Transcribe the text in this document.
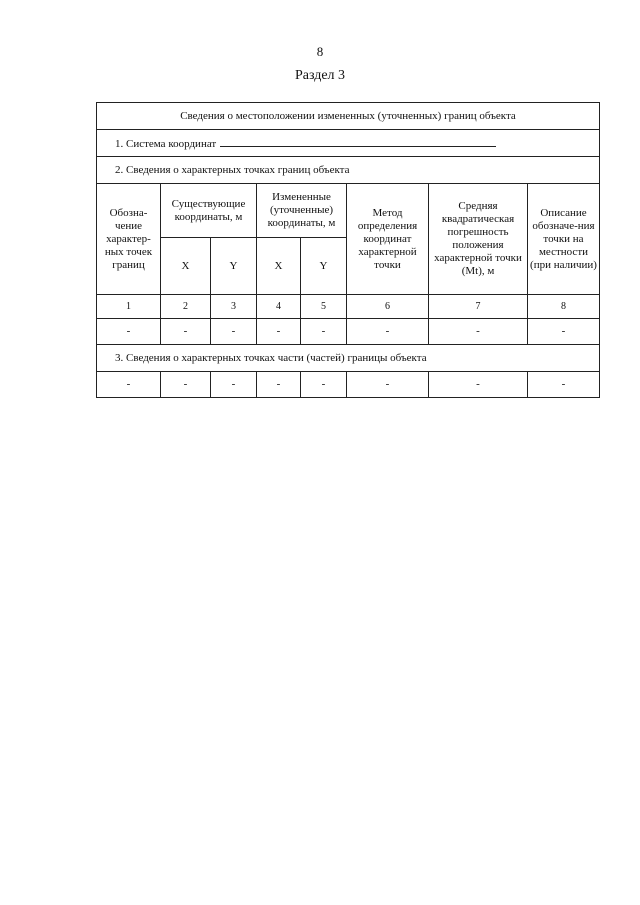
8
Раздел 3
Сведения о местоположении измененных (уточненных) границ объекта							
1. Система координат							
2. Сведения о характерных точках границ объекта							
Обозна-чение характер-ных точек границ	Существующие координаты, м		Измененные (уточненные) координаты, м		Метод определения координат характерной точки	Средняя квадратическая погрешность положения характерной точки (Mt), м	Описание обозначе-ния точки на местности (при наличии)
	X	Y	X	Y			
1	2	3	4	5	6	7	8
-	-	-	-	-	-	-	-
3. Сведения о характерных точках части (частей) границы объекта							
-	-	-	-	-	-	-	-
